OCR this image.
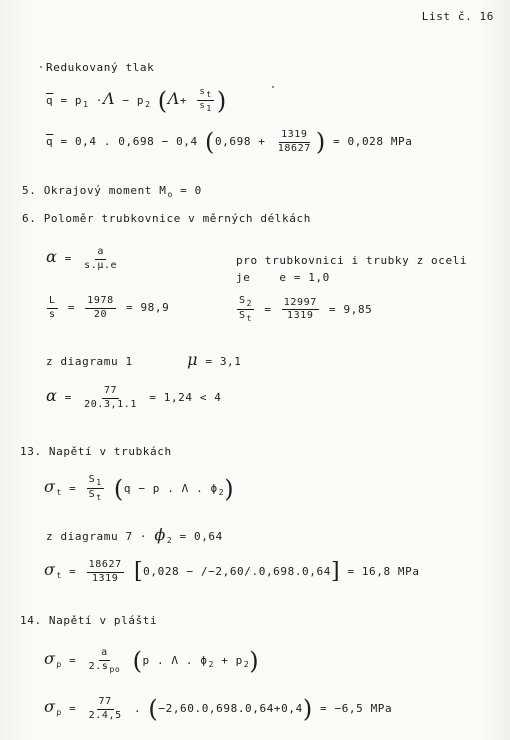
List č. 16
Redukovaný tlak
$\overline{q} = p_1 \cdot\Lambda - p_2$ ($\Lambda+ \frac{st}{s1}$ )
$\overline{q} = 0,4$ . 0,698 − 0,4 ($0,698 + \frac{1319}{18627}$ ) = 0,028 MPa
5. Okrajový moment $M_o = 0$
6. Poloměr trubkovnice v měrných délkách
$\alpha = \frac{a}{s.\mu.e}$	pro trubkovnici i trubky z oceli
je    e = 1,0
$\frac{L}{s} = \frac{1978}{20} = 98,9$	$\frac{S_2}{S_t} = \frac{12997}{1319} = 9,85$
z diagramu 1	μ = 3,1
$\alpha = \frac{77}{20.3,1.1} = 1,24 < 4$
13. Napětí v trubkách
$\sigma_t = \frac{S_1}{S_t} (q - p$ . Λ . $\phi_2$)
z diagramu $7 \cdot \phi_2 = 0,64$
$\sigma_t = \frac{18627}{1319} [0,028 - /-2,60/.0,698.0,64] = 16,8$ MPa
14. Napětí v plášti
$\sigma_p = \frac{a}{2.s_{po}} (p$ . Λ . $\phi_2 + p_2$)
$\sigma_p = \frac{77}{2.4,5}$ . (−2,60.0,698.0,64+0,4) = −6,5 MPa
